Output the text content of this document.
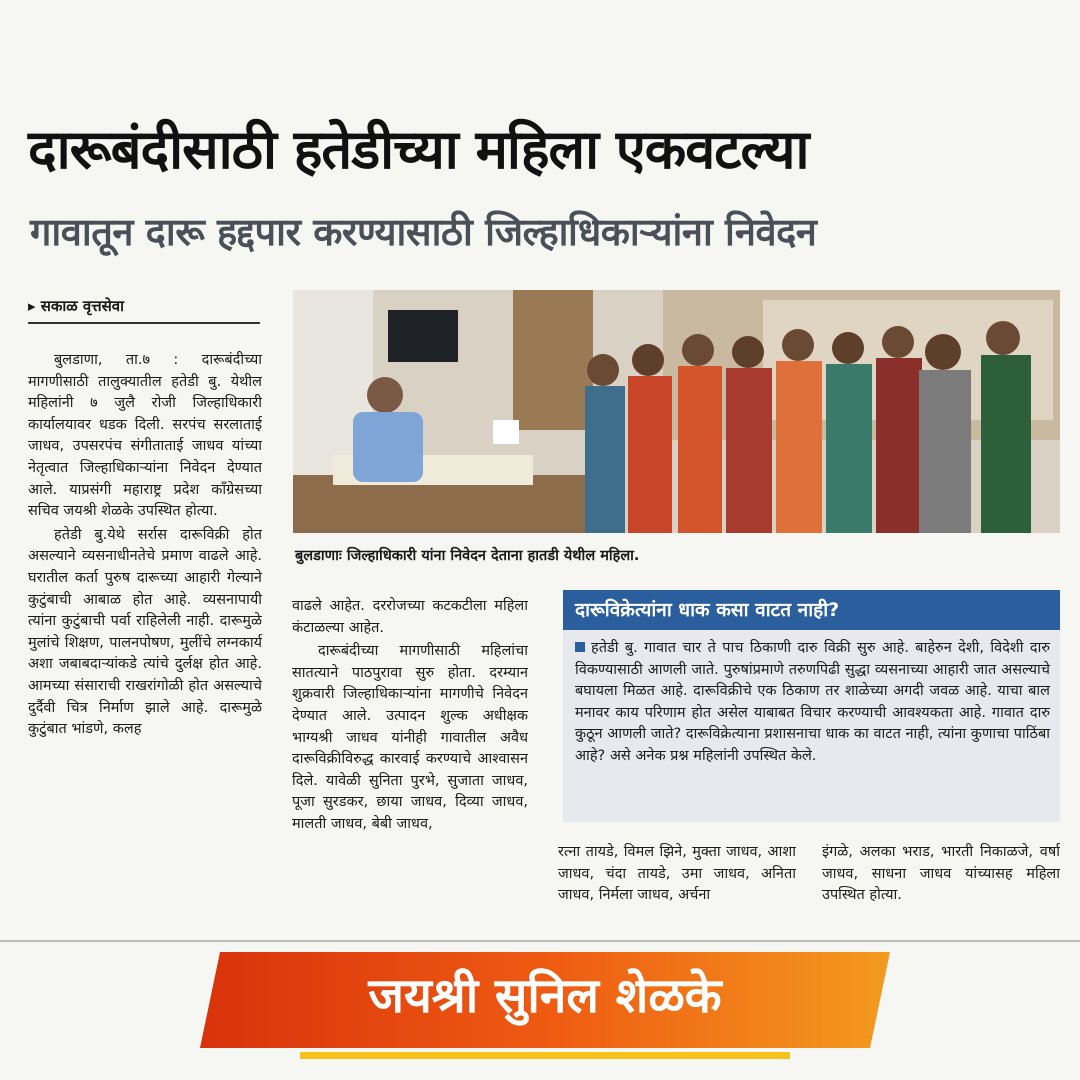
दारूबंदीसाठी हतेडीच्या महिला एकवटल्या
गावातून दारू हद्दपार करण्यासाठी जिल्हाधिकाऱ्यांना निवेदन
▸ सकाळ वृत्तसेवा

बुलडाणा, ता.७ : दारूबंदीच्या मागणीसाठी तालुक्यातील हतेडी बु. येथील महिलांनी ७ जुलै रोजी जिल्हाधिकारी कार्यालयावर धडक दिली. सरपंच सरलाताई जाधव, उपसरपंच संगीताताई जाधव यांच्या नेतृत्वात जिल्हाधिकाऱ्यांना निवेदन देण्यात आले. याप्रसंगी महाराष्ट्र प्रदेश काँग्रेसच्या सचिव जयश्री शेळके उपस्थित होत्या.

हतेडी बु.येथे सर्रास दारूविक्री होत असल्याने व्यसनाधीनतेचे प्रमाण वाढले आहे. घरातील कर्ता पुरुष दारूच्या आहारी गेल्याने कुटुंबाची आबाळ होत आहे. व्यसनापायी त्यांना कुटुंबाची पर्वा राहिलेली नाही. दारूमुळे मुलांचे शिक्षण, पालनपोषण, मुलींचे लग्नकार्य अशा जबाबदाऱ्यांकडे त्यांचे दुर्लक्ष होत आहे. आमच्या संसाराची राखरांगोळी होत असल्याचे दुर्दैवी चित्र निर्माण झाले आहे. दारूमुळे कुटुंबात भांडणे, कलह

बुलडाणाः जिल्हाधिकारी यांना निवेदन देताना हातडी येथील महिला.

वाढले आहेत. दररोजच्या कटकटीला महिला कंटाळल्या आहेत.

दारूबंदीच्या मागणीसाठी महिलांचा सातत्याने पाठपुरावा सुरु होता. दरम्यान शुक्रवारी जिल्हाधिकाऱ्यांना मागणीचे निवेदन देण्यात आले. उत्पादन शुल्क अधीक्षक भाग्यश्री जाधव यांनीही गावातील अवैध दारूविक्रीविरुद्ध कारवाई करण्याचे आश्वासन दिले. यावेळी सुनिता पुरभे, सुजाता जाधव, पूजा सुरडकर, छाया जाधव, दिव्या जाधव, मालती जाधव, बेबी जाधव,

दारूविक्रेत्यांना धाक कसा वाटत नाही?
हतेडी बु. गावात चार ते पाच ठिकाणी दारु विक्री सुरु आहे. बाहेरुन देशी, विदेशी दारु विकण्यासाठी आणली जाते. पुरुषांप्रमाणे तरुणपिढी सुद्धा व्यसनाच्या आहारी जात असल्याचे बघायला मिळत आहे. दारूविक्रीचे एक ठिकाण तर शाळेच्या अगदी जवळ आहे. याचा बाल मनावर काय परिणाम होत असेल याबाबत विचार करण्याची आवश्यकता आहे. गावात दारु कुठून आणली जाते? दारूविक्रेत्याना प्रशासनाचा धाक का वाटत नाही, त्यांना कुणाचा पाठिंबा आहे? असे अनेक प्रश्न महिलांनी उपस्थित केले.

रत्ना तायडे, विमल झिने, मुक्ता जाधव, आशा जाधव, चंदा तायडे, उमा जाधव, अनिता जाधव, निर्मला जाधव, अर्चना

इंगळे, अलका भराड, भारती निकाळजे, वर्षा जाधव, साधना जाधव यांच्यासह महिला उपस्थित होत्या.

जयश्री सुनिल शेळके
